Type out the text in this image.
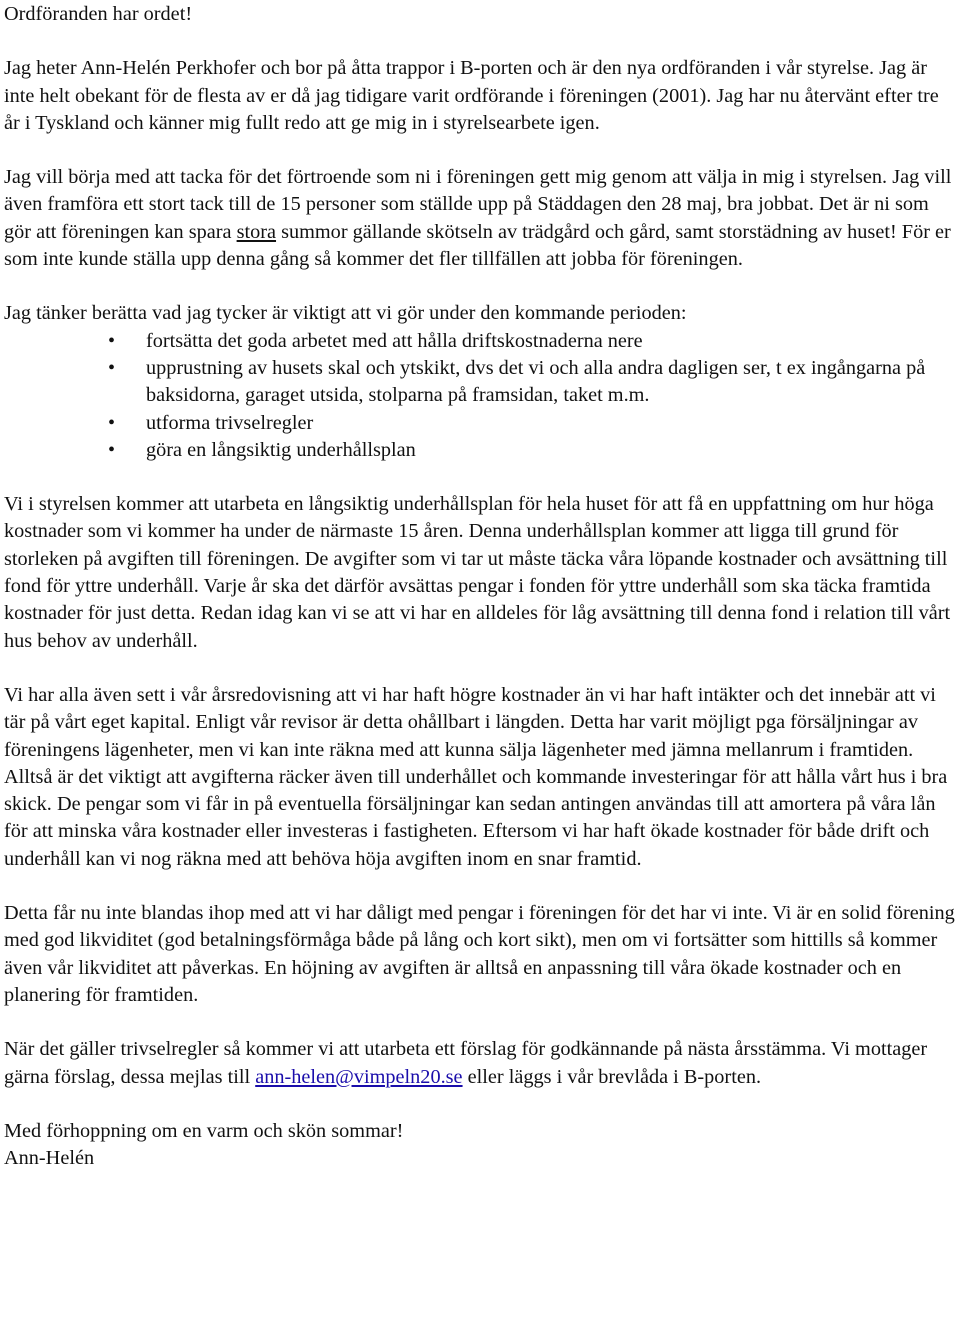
Ordföranden har ordet!

Jag heter Ann-Helén Perkhofer och bor på åtta trappor i B-porten och är den nya ordföranden i vår styrelse. Jag är inte helt obekant för de flesta av er då jag tidigare varit ordförande i föreningen (2001). Jag har nu återvänt efter tre år i Tyskland och känner mig fullt redo att ge mig in i styrelsearbete igen.

Jag vill börja med att tacka för det förtroende som ni i föreningen gett mig genom att välja in mig i styrelsen. Jag vill även framföra ett stort tack till de 15 personer som ställde upp på Städdagen den 28 maj, bra jobbat. Det är ni som gör att föreningen kan spara stora summor gällande skötseln av trädgård och gård, samt storstädning av huset! För er som inte kunde ställa upp denna gång så kommer det fler tillfällen att jobba för föreningen.

Jag tänker berätta vad jag tycker är viktigt att vi gör under den kommande perioden:

• fortsätta det goda arbetet med att hålla driftskostnaderna nere
• upprustning av husets skal och ytskikt, dvs det vi och alla andra dagligen ser, t ex ingångarna på baksidorna, garaget utsida, stolparna på framsidan, taket m.m.
• utforma trivselregler
• göra en långsiktig underhållsplan

Vi i styrelsen kommer att utarbeta en långsiktig underhållsplan för hela huset för att få en uppfattning om hur höga kostnader som vi kommer ha under de närmaste 15 åren. Denna underhållsplan kommer att ligga till grund för storleken på avgiften till föreningen. De avgifter som vi tar ut måste täcka våra löpande kostnader och avsättning till fond för yttre underhåll. Varje år ska det därför avsättas pengar i fonden för yttre underhåll som ska täcka framtida kostnader för just detta. Redan idag kan vi se att vi har en alldeles för låg avsättning till denna fond i relation till vårt hus behov av underhåll.

Vi har alla även sett i vår årsredovisning att vi har haft högre kostnader än vi har haft intäkter och det innebär att vi tär på vårt eget kapital. Enligt vår revisor är detta ohållbart i längden. Detta har varit möjligt pga försäljningar av föreningens lägenheter, men vi kan inte räkna med att kunna sälja lägenheter med jämna mellanrum i framtiden. Alltså är det viktigt att avgifterna räcker även till underhållet och kommande investeringar för att hålla vårt hus i bra skick. De pengar som vi får in på eventuella försäljningar kan sedan antingen användas till att amortera på våra lån för att minska våra kostnader eller investeras i fastigheten. Eftersom vi har haft ökade kostnader för både drift och underhåll kan vi nog räkna med att behöva höja avgiften inom en snar framtid.

Detta får nu inte blandas ihop med att vi har dåligt med pengar i föreningen för det har vi inte. Vi är en solid förening med god likviditet (god betalningsförmåga både på lång och kort sikt), men om vi fortsätter som hittills så kommer även vår likviditet att påverkas. En höjning av avgiften är alltså en anpassning till våra ökade kostnader och en planering för framtiden.

När det gäller trivselregler så kommer vi att utarbeta ett förslag för godkännande på nästa årsstämma. Vi mottager gärna förslag, dessa mejlas till ann-helen@vimpeln20.se eller läggs i vår brevlåda i B-porten.

Med förhoppning om en varm och skön sommar!

Ann-Helén
